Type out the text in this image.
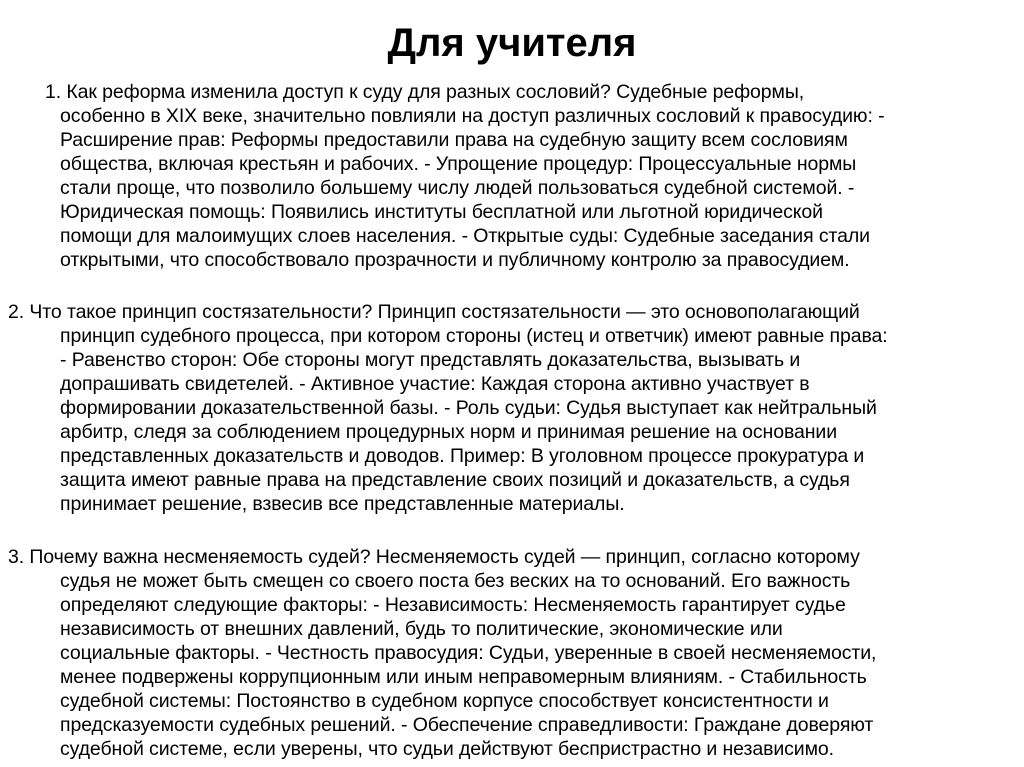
Для учителя
1. Как реформа изменила доступ к суду для разных сословий? Судебные реформы,
особенно в XIX веке, значительно повлияли на доступ различных сословий к правосудию: -
Расширение прав: Реформы предоставили права на судебную защиту всем сословиям
общества, включая крестьян и рабочих. - Упрощение процедур: Процессуальные нормы
стали проще, что позволило большему числу людей пользоваться судебной системой. -
Юридическая помощь: Появились институты бесплатной или льготной юридической
помощи для малоимущих слоев населения. - Открытые суды: Судебные заседания стали
открытыми, что способствовало прозрачности и публичному контролю за правосудием.
2. Что такое принцип состязательности? Принцип состязательности — это основополагающий
принцип судебного процесса, при котором стороны (истец и ответчик) имеют равные права:
- Равенство сторон: Обе стороны могут представлять доказательства, вызывать и
допрашивать свидетелей. - Активное участие: Каждая сторона активно участвует в
формировании доказательственной базы. - Роль судьи: Судья выступает как нейтральный
арбитр, следя за соблюдением процедурных норм и принимая решение на основании
представленных доказательств и доводов. Пример: В уголовном процессе прокуратура и
защита имеют равные права на представление своих позиций и доказательств, а судья
принимает решение, взвесив все представленные материалы.
3. Почему важна несменяемость судей? Несменяемость судей — принцип, согласно которому
судья не может быть смещен со своего поста без веских на то оснований. Его важность
определяют следующие факторы: - Независимость: Несменяемость гарантирует судье
независимость от внешних давлений, будь то политические, экономические или
социальные факторы. - Честность правосудия: Судьи, уверенные в своей несменяемости,
менее подвержены коррупционным или иным неправомерным влияниям. - Стабильность
судебной системы: Постоянство в судебном корпусе способствует консистентности и
предсказуемости судебных решений. - Обеспечение справедливости: Граждане доверяют
судебной системе, если уверены, что судьи действуют беспристрастно и независимо.
